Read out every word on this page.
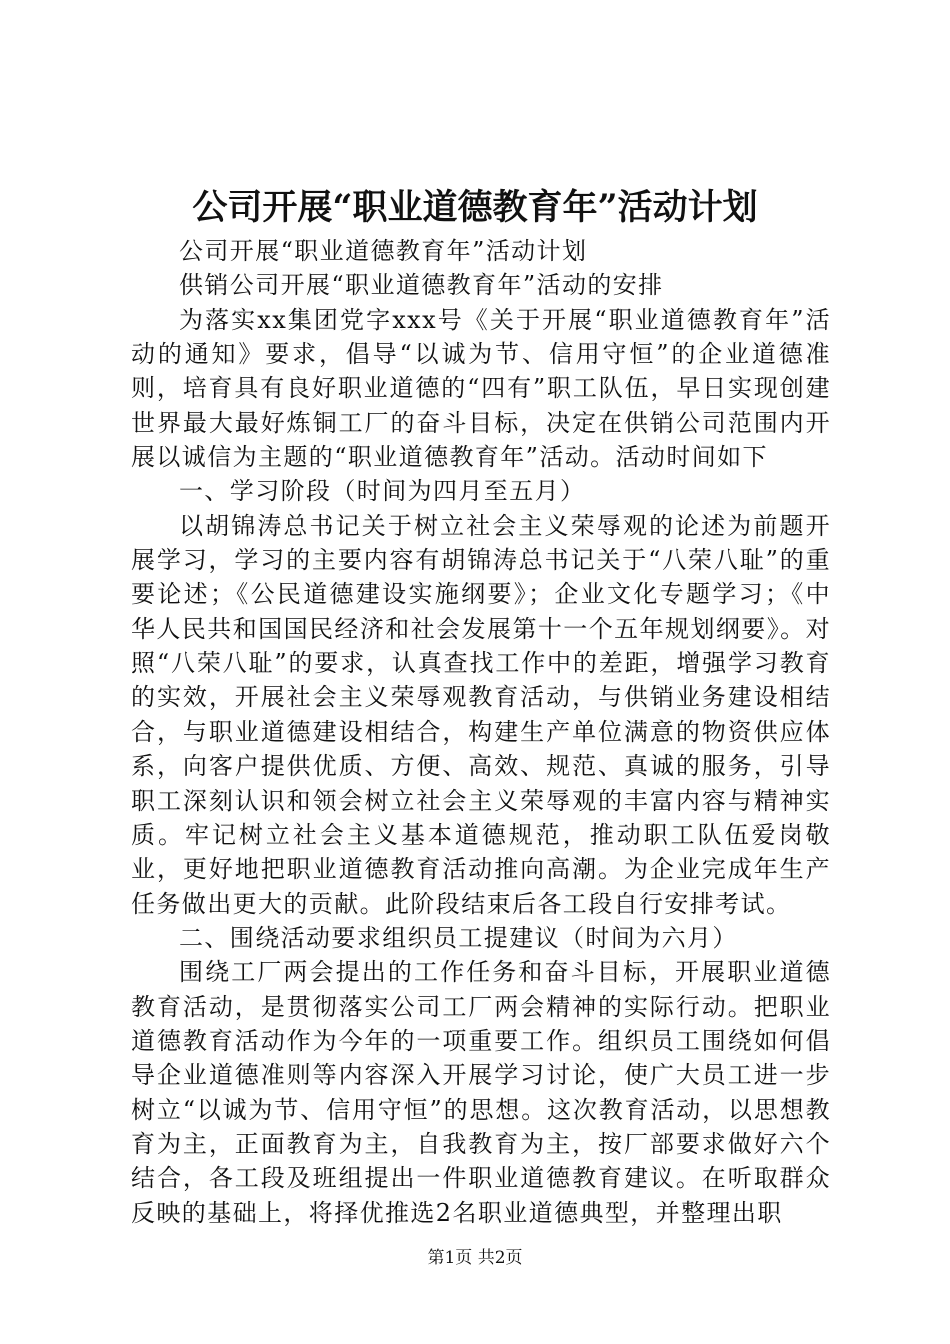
公司开展“职业道德教育年”活动计划

公司开展“职业道德教育年”活动计划

供销公司开展“职业道德教育年”活动的安排

为落实xx集团党字xxx号《关于开展“职业道德教育年”活动的通知》要求，倡导“以诚为节、信用守恒”的企业道德准则，培育具有良好职业道德的“四有”职工队伍，早日实现创建世界最大最好炼铜工厂的奋斗目标，决定在供销公司范围内开展以诚信为主题的“职业道德教育年”活动。活动时间如下

一、学习阶段（时间为四月至五月）

以胡锦涛总书记关于树立社会主义荣辱观的论述为前题开展学习，学习的主要内容有胡锦涛总书记关于“八荣八耻”的重要论述；《公民道德建设实施纲要》；企业文化专题学习；《中华人民共和国国民经济和社会发展第十一个五年规划纲要》。对照“八荣八耻”的要求，认真查找工作中的差距，增强学习教育的实效，开展社会主义荣辱观教育活动，与供销业务建设相结合，与职业道德建设相结合，构建生产单位满意的物资供应体系，向客户提供优质、方便、高效、规范、真诚的服务，引导职工深刻认识和领会树立社会主义荣辱观的丰富内容与精神实质。牢记树立社会主义基本道德规范，推动职工队伍爱岗敬业，更好地把职业道德教育活动推向高潮。为企业完成年生产任务做出更大的贡献。此阶段结束后各工段自行安排考试。

二、围绕活动要求组织员工提建议（时间为六月）

围绕工厂两会提出的工作任务和奋斗目标，开展职业道德教育活动，是贯彻落实公司工厂两会精神的实际行动。把职业道德教育活动作为今年的一项重要工作。组织员工围绕如何倡导企业道德准则等内容深入开展学习讨论，使广大员工进一步树立“以诚为节、信用守恒”的思想。这次教育活动，以思想教育为主，正面教育为主，自我教育为主，按厂部要求做好六个结合，各工段及班组提出一件职业道德教育建议。在听取群众反映的基础上，将择优推选2名职业道德典型，并整理出职

第1页 共2页
